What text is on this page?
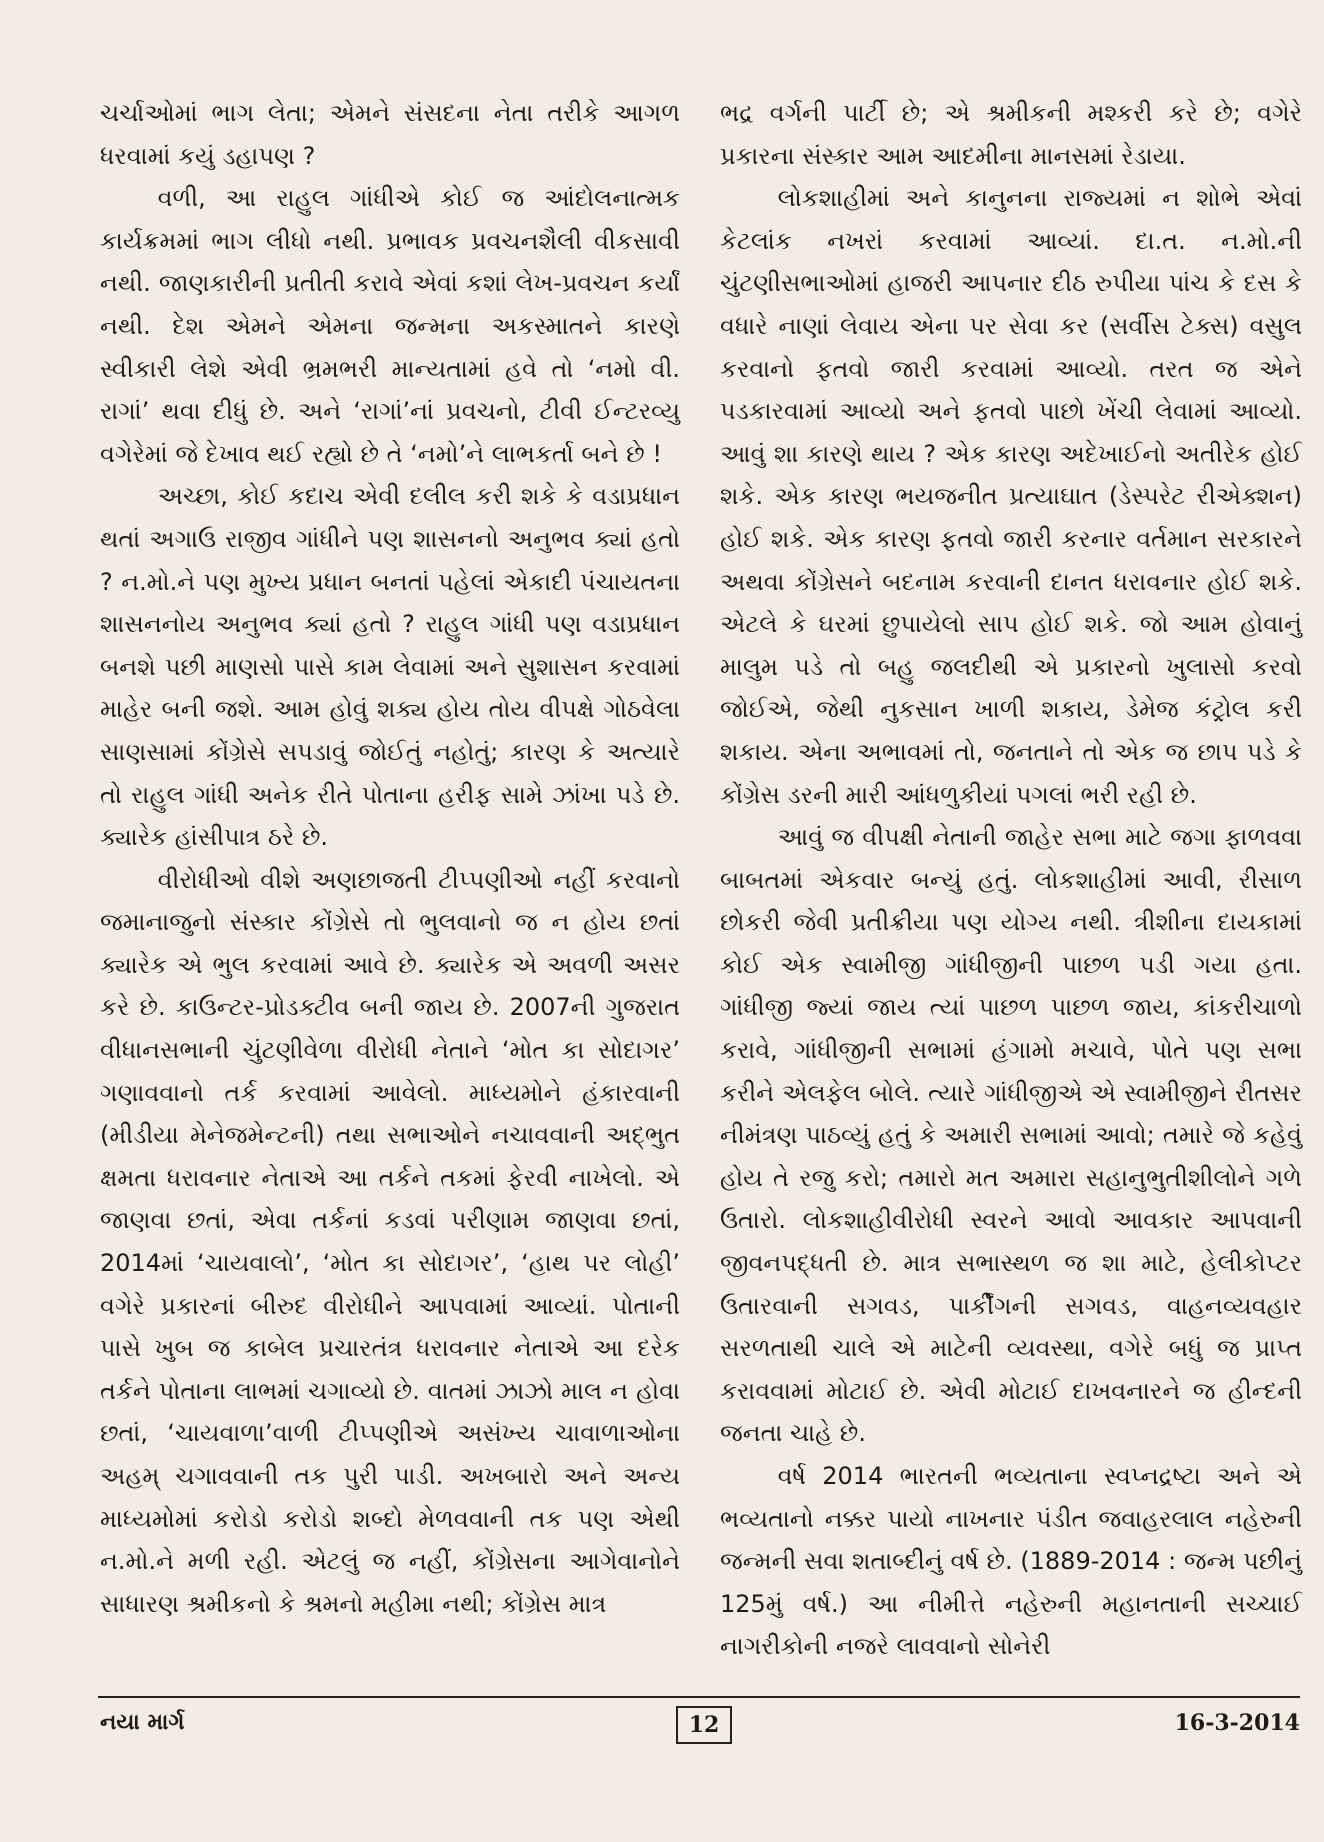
ચર્ચાઓમાં ભાગ લેતા; એમને સંસદના નેતા તરીકે આગળ ધરવામાં કયું ડહાપણ ?

વળી, આ રાહુલ ગાંધીએ કોઈ જ આંદોલનાત્મક કાર્યક્રમમાં ભાગ લીધો નથી. પ્રભાવક પ્રવચનશૈલી વીકસાવી નથી. જાણકારીની પ્રતીતી કરાવે એવાં કશાં લેખ-પ્રવચન કર્યાં નથી. દેશ એમને એમના જન્મના અકસ્માતને કારણે સ્વીકારી લેશે એવી ભ્રમભરી માન્યતામાં હવે તો ‘નમો વી. રાગાં’ થવા દીધું છે. અને ‘રાગાં’નાં પ્રવચનો, ટીવી ઈન્ટરવ્યુ વગેરેમાં જે દેખાવ થઈ રહ્યો છે તે ‘નમો’ને લાભકર્તા બને છે !

અચ્છા, કોઈ કદાચ એવી દલીલ કરી શકે કે વડાપ્રધાન થતાં અગાઉ રાજીવ ગાંધીને પણ શાસનનો અનુભવ ક્યાં હતો ? ન.મો.ને પણ મુખ્ય પ્રધાન બનતાં પહેલાં એકાદી પંચાયતના શાસનનોય અનુભવ ક્યાં હતો ? રાહુલ ગાંધી પણ વડાપ્રધાન બનશે પછી માણસો પાસે કામ લેવામાં અને સુશાસન કરવામાં માહેર બની જશે. આમ હોવું શક્ય હોય તોય વીપક્ષે ગોઠવેલા સાણસામાં કોંગ્રેસે સપડાવું જોઈતું નહોતું; કારણ કે અત્યારે તો રાહુલ ગાંધી અનેક રીતે પોતાના હરીફ સામે ઝાંખા પડે છે. ક્યારેક હાંસીપાત્ર ઠરે છે.

વીરોધીઓ વીશે અણછાજતી ટીપ્પણીઓ નહીં કરવાનો જમાનાજુનો સંસ્કાર કોંગ્રેસે તો ભુલવાનો જ ન હોય છતાં ક્યારેક એ ભુલ કરવામાં આવે છે. ક્યારેક એ અવળી અસર કરે છે. કાઉન્ટર-પ્રોડક્ટીવ બની જાય છે. 2007ની ગુજરાત વીધાનસભાની ચુંટણીવેળા વીરોધી નેતાને ‘મોત કા સોદાગર’ ગણાવવાનો તર્ક કરવામાં આવેલો. માધ્યમોને હંકારવાની (મીડીયા મેનેજમેન્ટની) તથા સભાઓને નચાવવાની અદ્‌ભુત ક્ષમતા ધરાવનાર નેતાએ આ તર્કને તકમાં ફેરવી નાખેલો. એ જાણવા છતાં, એવા તર્કનાં કડવાં પરીણામ જાણવા છતાં, 2014માં ‘ચાયવાલો’, ‘મોત કા સોદાગર’, ‘હાથ પર લોહી’ વગેરે પ્રકારનાં બીરુદ વીરોધીને આપવામાં આવ્યાં. પોતાની પાસે ખુબ જ કાબેલ પ્રચારતંત્ર ધરાવનાર નેતાએ આ દરેક તર્કને પોતાના લાભમાં ચગાવ્યો છે. વાતમાં ઝાઝો માલ ન હોવા છતાં, ‘ચાયવાળા’વાળી ટીપ્પણીએ અસંખ્ય ચાવાળાઓના અહમ્ ચગાવવાની તક પુરી પાડી. અખબારો અને અન્ય માધ્યમોમાં કરોડો કરોડો શબ્દો મેળવવાની તક પણ એથી ન.મો.ને મળી રહી. એટલું જ નહીં, કોંગ્રેસના આગેવાનોને સાધારણ શ્રમીકનો કે શ્રમનો મહીમા નથી; કોંગ્રેસ માત્ર

ભદ્ર વર્ગની પાર્ટી છે; એ શ્રમીકની મશ્કરી કરે છે; વગેરે પ્રકારના સંસ્કાર આમ આદમીના માનસમાં રેડાયા.

લોકશાહીમાં અને કાનુનના રાજ્યમાં ન શોભે એવાં કેટલાંક નખરાં કરવામાં આવ્યાં. દા.ત. ન.મો.ની ચુંટણીસભાઓમાં હાજરી આપનાર દીઠ રુપીયા પાંચ કે દસ કે વધારે નાણાં લેવાય એના પર સેવા કર (સર્વીસ ટેક્સ) વસુલ કરવાનો ફતવો જારી કરવામાં આવ્યો. તરત જ એને પડકારવામાં આવ્યો અને ફતવો પાછો ખેંચી લેવામાં આવ્યો. આવું શા કારણે થાય ? એક કારણ અદેખાઈનો અતીરેક હોઈ શકે. એક કારણ ભયજનીત પ્રત્યાઘાત (ડેસ્પરેટ રીએક્શન) હોઈ શકે. એક કારણ ફતવો જારી કરનાર વર્તમાન સરકારને અથવા કોંગ્રેસને બદનામ કરવાની દાનત ધરાવનાર હોઈ શકે. એટલે કે ઘરમાં છુપાયેલો સાપ હોઈ શકે. જો આમ હોવાનું માલુમ પડે તો બહુ જલદીથી એ પ્રકારનો ખુલાસો કરવો જોઈએ, જેથી નુકસાન ખાળી શકાય, ડેમેજ કંટ્રોલ કરી શકાય. એના અભાવમાં તો, જનતાને તો એક જ છાપ પડે કે કોંગ્રેસ ડરની મારી આંધળુકીયાં પગલાં ભરી રહી છે.

આવું જ વીપક્ષી નેતાની જાહેર સભા માટે જગા ફાળવવા બાબતમાં એકવાર બન્યું હતું. લોકશાહીમાં આવી, રીસાળ છોકરી જેવી પ્રતીક્રીયા પણ યોગ્ય નથી. ત્રીશીના દાયકામાં કોઈ એક સ્વામીજી ગાંધીજીની પાછળ પડી ગયા હતા. ગાંધીજી જ્યાં જાય ત્યાં પાછળ પાછળ જાય, કાંકરીચાળો કરાવે, ગાંધીજીની સભામાં હંગામો મચાવે, પોતે પણ સભા કરીને એલફેલ બોલે. ત્યારે ગાંધીજીએ એ સ્વામીજીને રીતસર નીમંત્રણ પાઠવ્યું હતું કે અમારી સભામાં આવો; તમારે જે કહેવું હોય તે રજુ કરો; તમારો મત અમારા સહાનુભુતીશીલોને ગળે ઉતારો. લોકશાહીવીરોધી સ્વરને આવો આવકાર આપવાની જીવનપદ્ધતી છે. માત્ર સભાસ્થળ જ શા માટે, હેલીકોપ્ટર ઉતારવાની સગવડ, પાર્કીંગની સગવડ, વાહનવ્યવહાર સરળતાથી ચાલે એ માટેની વ્યવસ્થા, વગેરે બધું જ પ્રાપ્ત કરાવવામાં મોટાઈ છે. એવી મોટાઈ દાખવનારને જ હીન્દની જનતા ચાહે છે.

વર્ષ 2014 ભારતની ભવ્યતાના સ્વપ્નદ્રષ્ટા અને એ ભવ્યતાનો નક્કર પાયો નાખનાર પંડીત જવાહરલાલ નહેરુની જન્મની સવા શતાબ્દીનું વર્ષ છે. (1889-2014 : જન્મ પછીનું 125મું વર્ષ.) આ નીમીત્તે નહેરુની મહાનતાની સચ્ચાઈ નાગરીકોની નજરે લાવવાનો સોનેરી

નયા માર્ગ	12	16-3-2014
